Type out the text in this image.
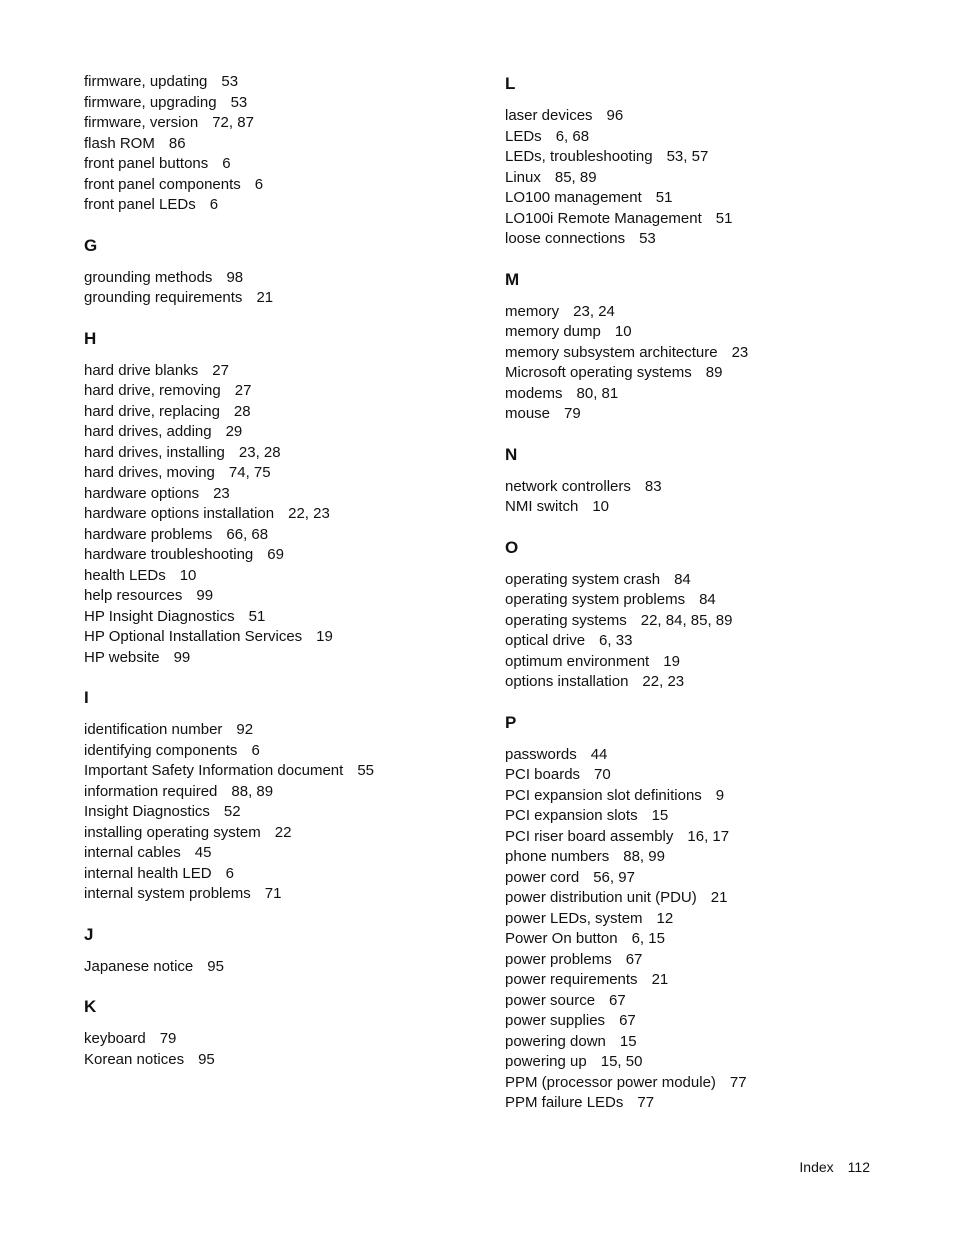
firmware, updating 53
firmware, upgrading 53
firmware, version 72, 87
flash ROM 86
front panel buttons 6
front panel components 6
front panel LEDs 6
G
grounding methods 98
grounding requirements 21
H
hard drive blanks 27
hard drive, removing 27
hard drive, replacing 28
hard drives, adding 29
hard drives, installing 23, 28
hard drives, moving 74, 75
hardware options 23
hardware options installation 22, 23
hardware problems 66, 68
hardware troubleshooting 69
health LEDs 10
help resources 99
HP Insight Diagnostics 51
HP Optional Installation Services 19
HP website 99
I
identification number 92
identifying components 6
Important Safety Information document 55
information required 88, 89
Insight Diagnostics 52
installing operating system 22
internal cables 45
internal health LED 6
internal system problems 71
J
Japanese notice 95
K
keyboard 79
Korean notices 95
L
laser devices 96
LEDs 6, 68
LEDs, troubleshooting 53, 57
Linux 85, 89
LO100 management 51
LO100i Remote Management 51
loose connections 53
M
memory 23, 24
memory dump 10
memory subsystem architecture 23
Microsoft operating systems 89
modems 80, 81
mouse 79
N
network controllers 83
NMI switch 10
O
operating system crash 84
operating system problems 84
operating systems 22, 84, 85, 89
optical drive 6, 33
optimum environment 19
options installation 22, 23
P
passwords 44
PCI boards 70
PCI expansion slot definitions 9
PCI expansion slots 15
PCI riser board assembly 16, 17
phone numbers 88, 99
power cord 56, 97
power distribution unit (PDU) 21
power LEDs, system 12
Power On button 6, 15
power problems 67
power requirements 21
power source 67
power supplies 67
powering down 15
powering up 15, 50
PPM (processor power module) 77
PPM failure LEDs 77
Index 112
